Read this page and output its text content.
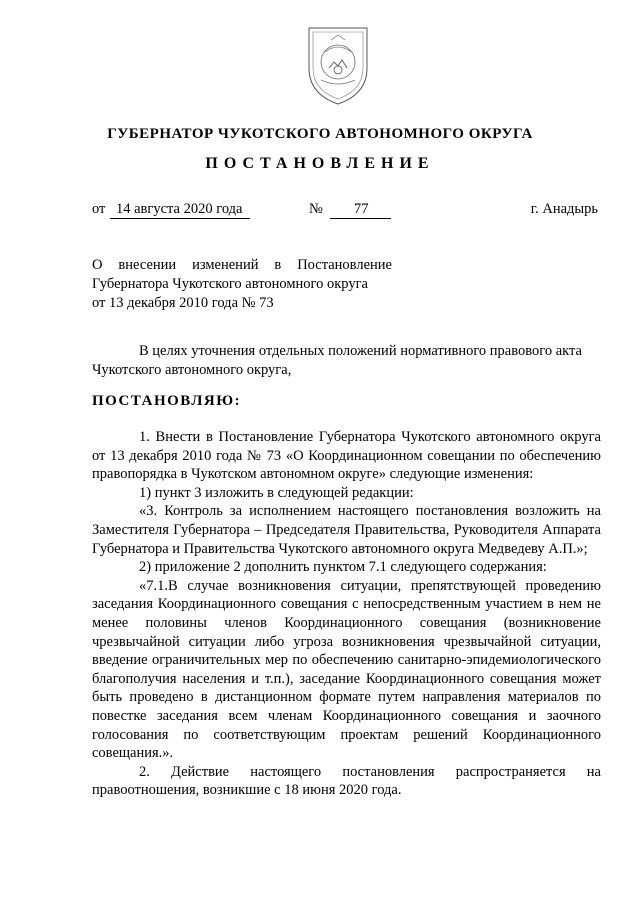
ГУБЕРНАТОР ЧУКОТСКОГО АВТОНОМНОГО ОКРУГА
ПОСТАНОВЛЕНИЕ
от 14 августа 2020 года	№	77	г. Анадырь
О внесении изменений в Постановление
Губернатора Чукотского автономного округа
от 13 декабря 2010 года № 73
В целях уточнения отдельных положений нормативного правового акта Чукотского автономного округа,
ПОСТАНОВЛЯЮ:
1. Внести в Постановление Губернатора Чукотского автономного округа от 13 декабря 2010 года № 73 «О Координационном совещании по обеспечению правопорядка в Чукотском автономном округе» следующие изменения:
1) пункт 3 изложить в следующей редакции:
«3. Контроль за исполнением настоящего постановления возложить на Заместителя Губернатора – Председателя Правительства, Руководителя Аппарата Губернатора и Правительства Чукотского автономного округа Медведеву А.П.»;
2) приложение 2 дополнить пунктом 7.1 следующего содержания:
«7.1.В случае возникновения ситуации, препятствующей проведению заседания Координационного совещания с непосредственным участием в нем не менее половины членов Координационного совещания (возникновение чрезвычайной ситуации либо угроза возникновения чрезвычайной ситуации, введение ограничительных мер по обеспечению санитарно-эпидемиологического благополучия населения и т.п.), заседание Координационного совещания может быть проведено в дистанционном формате путем направления материалов по повестке заседания всем членам Координационного совещания и заочного голосования по соответствующим проектам решений Координационного совещания.».
2. Действие настоящего постановления распространяется на правоотношения, возникшие с 18 июня 2020 года.
